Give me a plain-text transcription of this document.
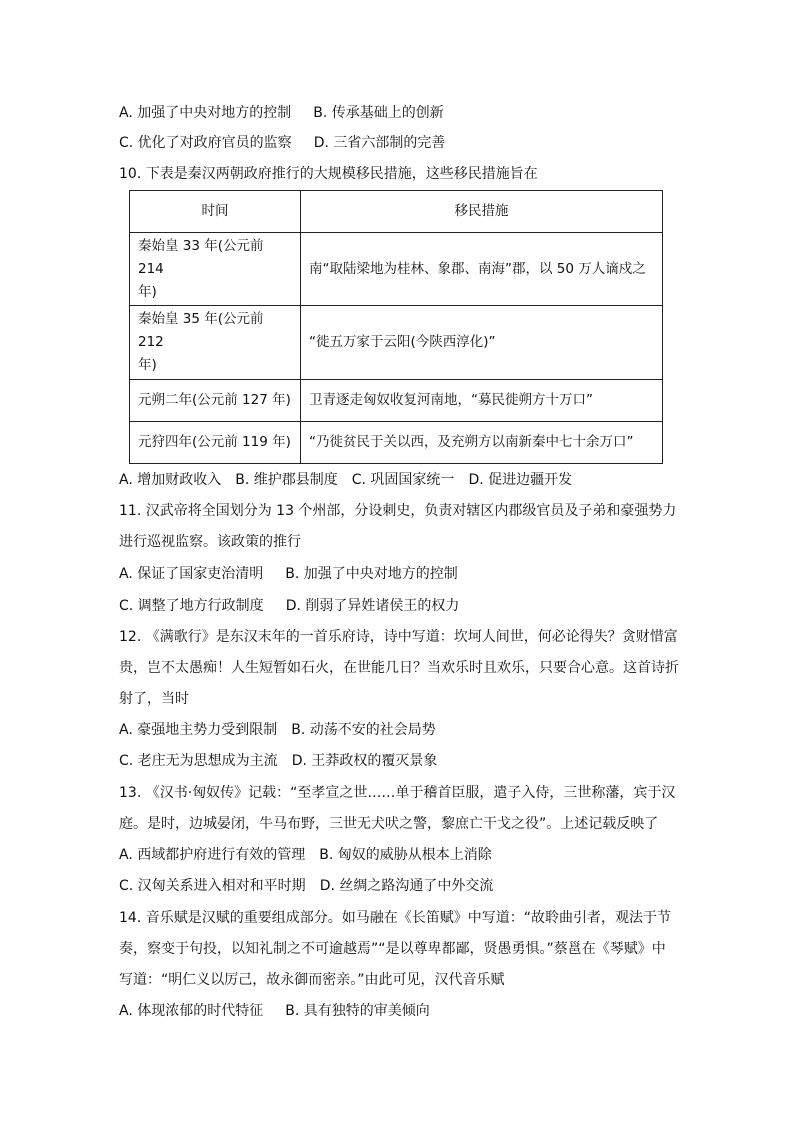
A. 加强了中央对地方的控制 B. 传承基础上的创新
C. 优化了对政府官员的监察 D. 三省六部制的完善
10. 下表是秦汉两朝政府推行的大规模移民措施，这些移民措施旨在
时间	移民措施
秦始皇 33 年(公元前 214
年)	南“取陆梁地为桂林、象郡、南海”郡，以 50 万人谪戍之
秦始皇 35 年(公元前 212
年)	“徙五万家于云阳(今陕西淳化)”
元朔二年(公元前 127 年)	卫青逐走匈奴收复河南地，“募民徙朔方十万口”
元狩四年(公元前 119 年)	“乃徙贫民于关以西，及充朔方以南新秦中七十余万口”
A. 增加财政收入 B. 维护郡县制度 C. 巩固国家统一 D. 促进边疆开发
11. 汉武帝将全国划分为 13 个州部，分设刺史，负责对辖区内郡级官员及子弟和豪强势力
进行巡视监察。该政策的推行
A. 保证了国家吏治清明 B. 加强了中央对地方的控制
C. 调整了地方行政制度 D. 削弱了异姓诸侯王的权力
12. 《满歌行》是东汉末年的一首乐府诗，诗中写道：坎坷人间世，何必论得失？贪财惜富
贵，岂不太愚痴！人生短暂如石火，在世能几日？当欢乐时且欢乐，只要合心意。这首诗折
射了，当时
A. 豪强地主势力受到限制 B. 动荡不安的社会局势
C. 老庄无为思想成为主流 D. 王莽政权的覆灭景象
13. 《汉书·匈奴传》记载：“至孝宣之世……单于稽首臣服，遣子入侍，三世称藩，宾于汉
庭。是时，边城晏闭，牛马布野，三世无犬吠之警，黎庶亡干戈之役”。上述记载反映了
A. 西域都护府进行有效的管理 B. 匈奴的威胁从根本上消除
C. 汉匈关系进入相对和平时期 D. 丝绸之路沟通了中外交流
14. 音乐赋是汉赋的重要组成部分。如马融在《长笛赋》中写道：“故聆曲引者，观法于节
奏，察变于句投，以知礼制之不可逾越焉”“是以尊卑都鄙，贤愚勇惧。”蔡邕在《琴赋》中
写道：“明仁义以厉己，故永御而密亲。”由此可见，汉代音乐赋
A. 体现浓郁的时代特征 B. 具有独特的审美倾向
